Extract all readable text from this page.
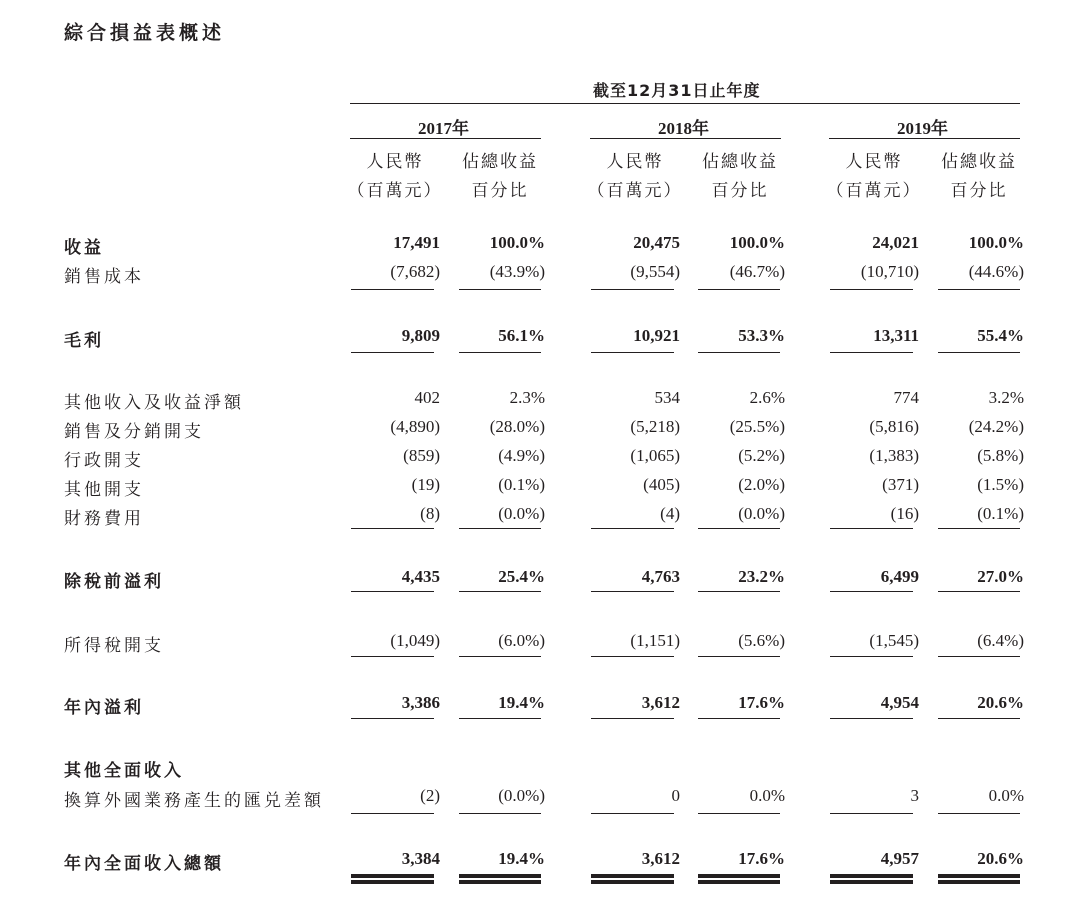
綜合損益表概述
截至12月31日止年度
2017年
人民幣
（百萬元）
佔總收益
百分比
2018年
人民幣
（百萬元）
佔總收益
百分比
2019年
人民幣
（百萬元）
佔總收益
百分比
收益	17,491	100.0%	20,475	100.0%	24,021	100.0%
銷售成本	(7,682)	(43.9%)	(9,554)	(46.7%)	(10,710)	(44.6%)
毛利	9,809	56.1%	10,921	53.3%	13,311	55.4%
其他收入及收益淨額	402	2.3%	534	2.6%	774	3.2%
銷售及分銷開支	(4,890)	(28.0%)	(5,218)	(25.5%)	(5,816)	(24.2%)
行政開支	(859)	(4.9%)	(1,065)	(5.2%)	(1,383)	(5.8%)
其他開支	(19)	(0.1%)	(405)	(2.0%)	(371)	(1.5%)
財務費用	(8)	(0.0%)	(4)	(0.0%)	(16)	(0.1%)
除稅前溢利	4,435	25.4%	4,763	23.2%	6,499	27.0%
所得稅開支	(1,049)	(6.0%)	(1,151)	(5.6%)	(1,545)	(6.4%)
年內溢利	3,386	19.4%	3,612	17.6%	4,954	20.6%
其他全面收入
換算外國業務產生的匯兑差額	(2)	(0.0%)	0	0.0%	3	0.0%
年內全面收入總額	3,384	19.4%	3,612	17.6%	4,957	20.6%
